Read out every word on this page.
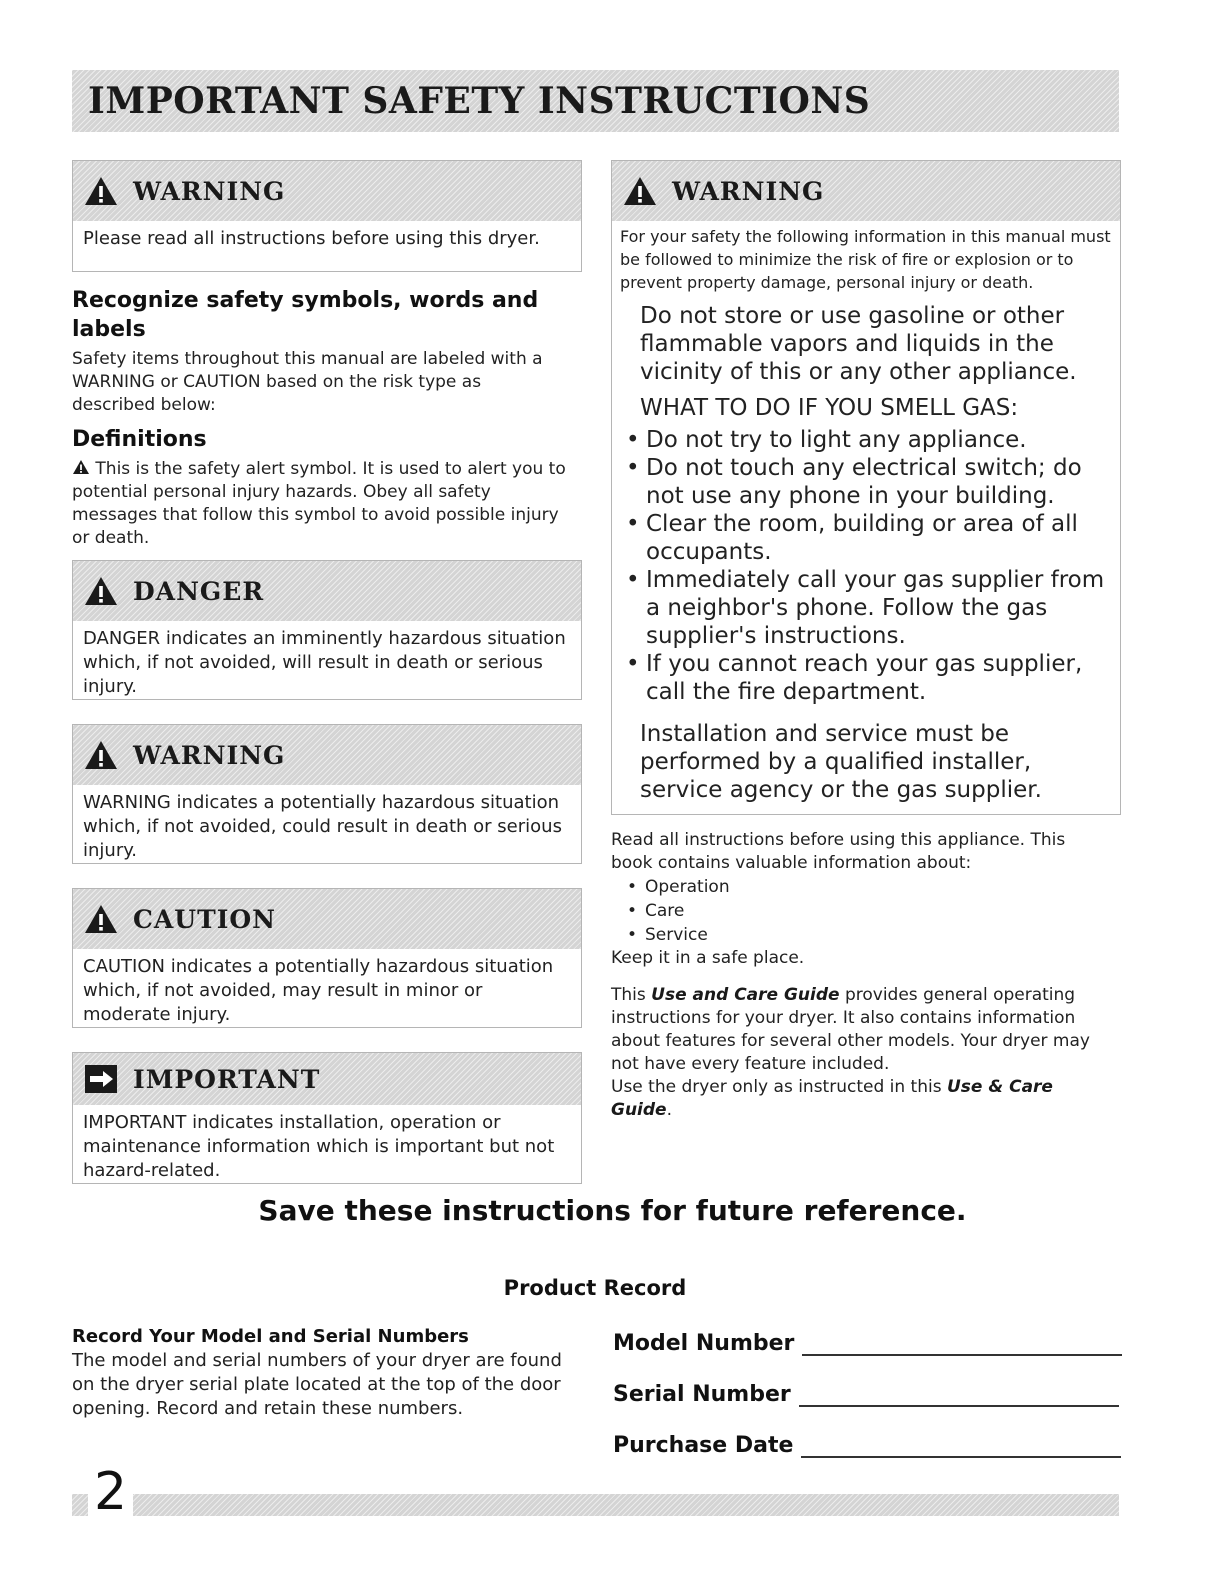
IMPORTANT SAFETY INSTRUCTIONS
WARNING
Please read all instructions before using this dryer.
Recognize safety symbols, words and labels

Safety items throughout this manual are labeled with a WARNING or CAUTION based on the risk type as described below:

Definitions

This is the safety alert symbol. It is used to alert you to potential personal injury hazards. Obey all safety messages that follow this symbol to avoid possible injury or death.

DANGER
DANGER indicates an imminently hazardous situation which, if not avoided, will result in death or serious injury.
WARNING
WARNING indicates a potentially hazardous situation which, if not avoided, could result in death or serious injury.
CAUTION
CAUTION indicates a potentially hazardous situation which, if not avoided, may result in minor or moderate injury.
IMPORTANT
IMPORTANT indicates installation, operation or maintenance information which is important but not hazard-related.
WARNING

For your safety the following information in this manual must be followed to minimize the risk of fire or explosion or to prevent property damage, personal injury or death.

Do not store or use gasoline or other flammable vapors and liquids in the vicinity of this or any other appliance.

WHAT TO DO IF YOU SMELL GAS:

• Do not try to light any appliance.
• Do not touch any electrical switch; do not use any phone in your building.
• Clear the room, building or area of all occupants.
• Immediately call your gas supplier from a neighbor's phone. Follow the gas supplier's instructions.
• If you cannot reach your gas supplier, call the fire department.

Installation and service must be performed by a qualified installer, service agency or the gas supplier.

Read all instructions before using this appliance. This book contains valuable information about:

• Operation
• Care
• Service

Keep it in a safe place.

This Use and Care Guide provides general operating instructions for your dryer. It also contains information about features for several other models. Your dryer may not have every feature included.

Use the dryer only as instructed in this Use & Care Guide.

Save these instructions for future reference.
Product Record
Record Your Model and Serial Numbers

The model and serial numbers of your dryer are found on the dryer serial plate located at the top of the door opening. Record and retain these numbers.

Model Number
Serial Number
Purchase Date
2
